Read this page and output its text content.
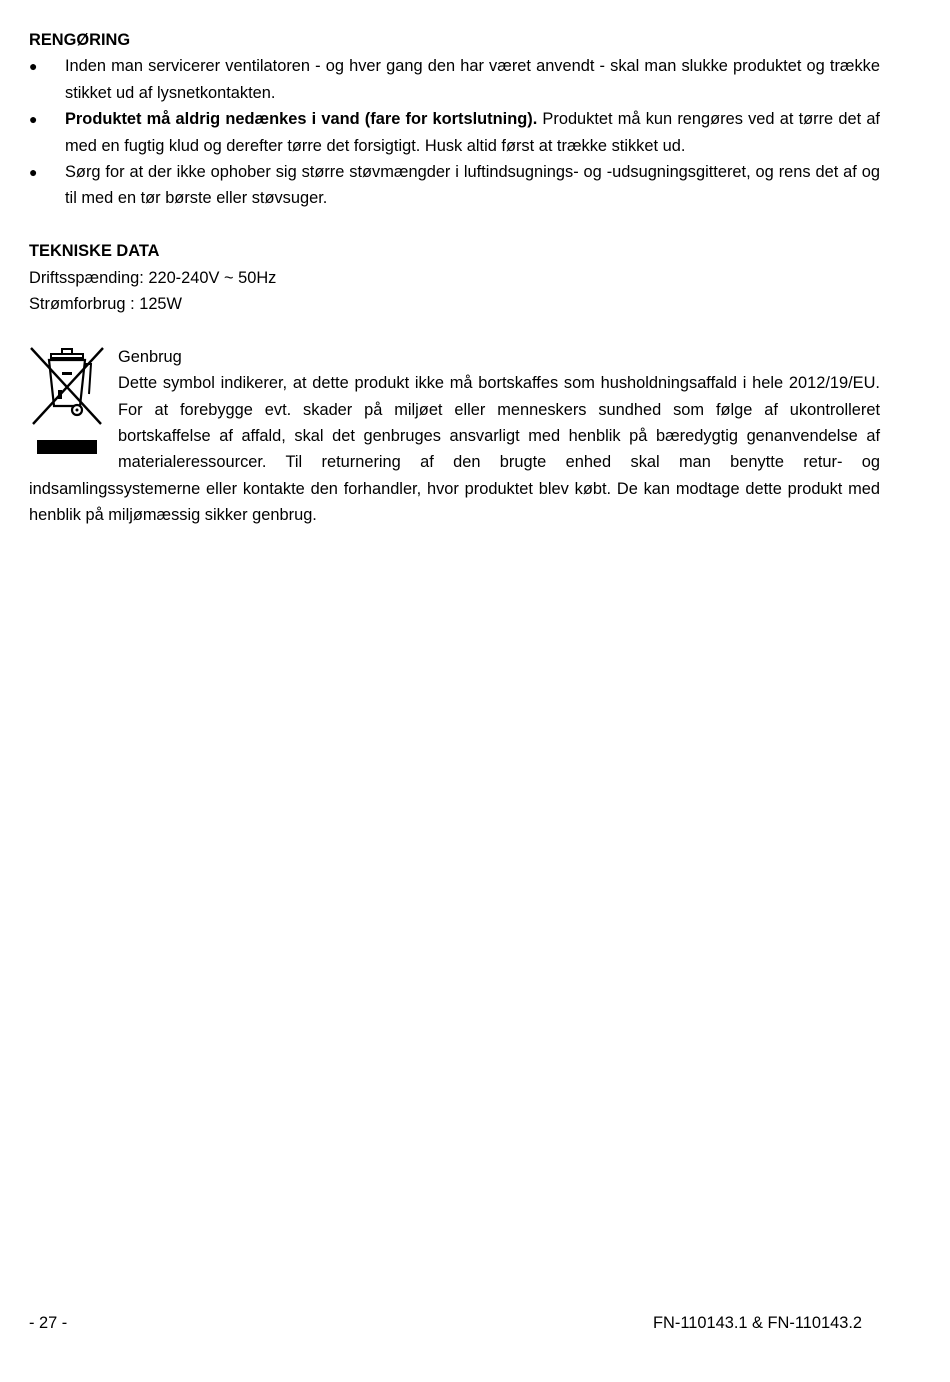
RENGØRING
●	Inden man servicerer ventilatoren - og hver gang den har været anvendt - skal man slukke produktet og trække stikket ud af lysnetkontakten.
●	Produktet må aldrig nedænkes i vand (fare for kortslutning). Produktet må kun rengøres ved at tørre det af med en fugtig klud og derefter tørre det forsigtigt. Husk altid først at trække stikket ud.
●	Sørg for at der ikke ophober sig større støvmængder i luftindsugnings- og -udsugningsgitteret, og rens det af og til med en tør børste eller støvsuger.
TEKNISKE DATA

Driftsspænding: 220-240V ~ 50Hz

Strømforbrug : 125W

Genbrug

Dette symbol indikerer, at dette produkt ikke må bortskaffes som husholdningsaffald i hele 2012/19/EU. For at forebygge evt. skader på miljøet eller menneskers sundhed som følge af ukontrolleret bortskaffelse af affald, skal det genbruges ansvarligt med henblik på bæredygtig genanvendelse af materialeressourcer. Til returnering af den brugte enhed skal man benytte retur- og indsamlingssystemerne eller kontakte den forhandler, hvor produktet blev købt. De kan modtage dette produkt med henblik på miljømæssig sikker genbrug.

- 27 -	FN-110143.1 & FN-110143.2
